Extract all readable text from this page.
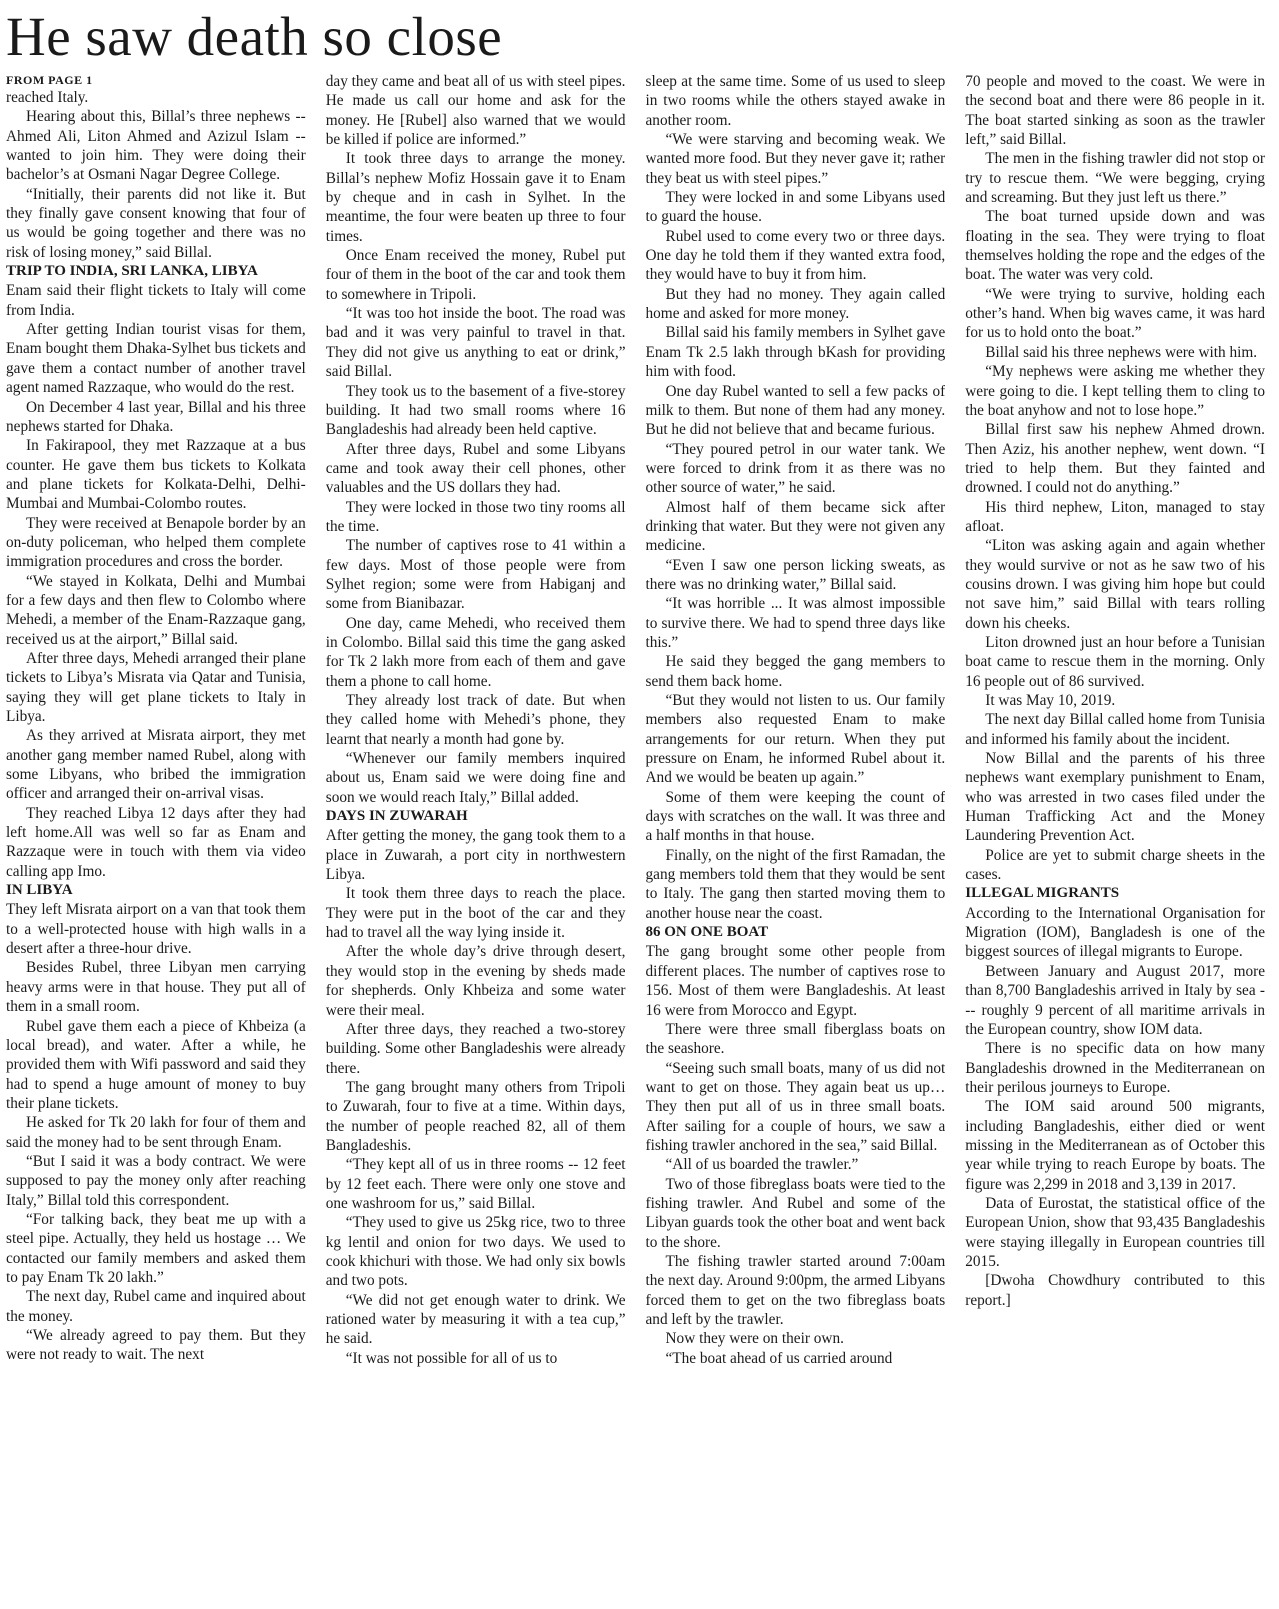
He saw death so close
FROM PAGE 1

reached Italy.

Hearing about this, Billal’s three nephews -- Ahmed Ali, Liton Ahmed and Azizul Islam -- wanted to join him. They were doing their bachelor’s at Osmani Nagar Degree College.

“Initially, their parents did not like it. But they finally gave consent knowing that four of us would be going together and there was no risk of losing money,” said Billal.

TRIP TO INDIA, SRI LANKA, LIBYA

Enam said their flight tickets to Italy will come from India.

After getting Indian tourist visas for them, Enam bought them Dhaka-Sylhet bus tickets and gave them a contact number of another travel agent named Razzaque, who would do the rest.

On December 4 last year, Billal and his three nephews started for Dhaka.

In Fakirapool, they met Razzaque at a bus counter. He gave them bus tickets to Kolkata and plane tickets for Kolkata-Delhi, Delhi-Mumbai and Mumbai-Colombo routes.

They were received at Benapole border by an on-duty policeman, who helped them complete immigration procedures and cross the border.

“We stayed in Kolkata, Delhi and Mumbai for a few days and then flew to Colombo where Mehedi, a member of the Enam-Razzaque gang, received us at the airport,” Billal said.

After three days, Mehedi arranged their plane tickets to Libya’s Misrata via Qatar and Tunisia, saying they will get plane tickets to Italy in Libya.

As they arrived at Misrata airport, they met another gang member named Rubel, along with some Libyans, who bribed the immigration officer and arranged their on-arrival visas.

They reached Libya 12 days after they had left home.All was well so far as Enam and Razzaque were in touch with them via video calling app Imo.

IN LIBYA

They left Misrata airport on a van that took them to a well-protected house with high walls in a desert after a three-hour drive.

Besides Rubel, three Libyan men carrying heavy arms were in that house. They put all of them in a small room.

Rubel gave them each a piece of Khbeiza (a local bread), and water. After a while, he provided them with Wifi password and said they had to spend a huge amount of money to buy their plane tickets.

He asked for Tk 20 lakh for four of them and said the money had to be sent through Enam.

“But I said it was a body contract. We were supposed to pay the money only after reaching Italy,” Billal told this correspondent.

“For talking back, they beat me up with a steel pipe. Actually, they held us hostage … We contacted our family members and asked them to pay Enam Tk 20 lakh.”

The next day, Rubel came and inquired about the money.

“We already agreed to pay them. But they were not ready to wait. The next

day they came and beat all of us with steel pipes. He made us call our home and ask for the money. He [Rubel] also warned that we would be killed if police are informed.”

It took three days to arrange the money. Billal’s nephew Mofiz Hossain gave it to Enam by cheque and in cash in Sylhet. In the meantime, the four were beaten up three to four times.

Once Enam received the money, Rubel put four of them in the boot of the car and took them to somewhere in Tripoli.

“It was too hot inside the boot. The road was bad and it was very painful to travel in that. They did not give us anything to eat or drink,” said Billal.

They took us to the basement of a five-storey building. It had two small rooms where 16 Bangladeshis had already been held captive.

After three days, Rubel and some Libyans came and took away their cell phones, other valuables and the US dollars they had.

They were locked in those two tiny rooms all the time.

The number of captives rose to 41 within a few days. Most of those people were from Sylhet region; some were from Habiganj and some from Bianibazar.

One day, came Mehedi, who received them in Colombo. Billal said this time the gang asked for Tk 2 lakh more from each of them and gave them a phone to call home.

They already lost track of date. But when they called home with Mehedi’s phone, they learnt that nearly a month had gone by.

“Whenever our family members inquired about us, Enam said we were doing fine and soon we would reach Italy,” Billal added.

DAYS IN ZUWARAH

After getting the money, the gang took them to a place in Zuwarah, a port city in northwestern Libya.

It took them three days to reach the place. They were put in the boot of the car and they had to travel all the way lying inside it.

After the whole day’s drive through desert, they would stop in the evening by sheds made for shepherds. Only Khbeiza and some water were their meal.

After three days, they reached a two-storey building. Some other Bangladeshis were already there.

The gang brought many others from Tripoli to Zuwarah, four to five at a time. Within days, the number of people reached 82, all of them Bangladeshis.

“They kept all of us in three rooms -- 12 feet by 12 feet each. There were only one stove and one washroom for us,” said Billal.

“They used to give us 25kg rice, two to three kg lentil and onion for two days. We used to cook khichuri with those. We had only six bowls and two pots.

“We did not get enough water to drink. We rationed water by measuring it with a tea cup,” he said.

“It was not possible for all of us to

sleep at the same time. Some of us used to sleep in two rooms while the others stayed awake in another room.

“We were starving and becoming weak. We wanted more food. But they never gave it; rather they beat us with steel pipes.”

They were locked in and some Libyans used to guard the house.

Rubel used to come every two or three days. One day he told them if they wanted extra food, they would have to buy it from him.

But they had no money. They again called home and asked for more money.

Billal said his family members in Sylhet gave Enam Tk 2.5 lakh through bKash for providing him with food.

One day Rubel wanted to sell a few packs of milk to them. But none of them had any money. But he did not believe that and became furious.

“They poured petrol in our water tank. We were forced to drink from it as there was no other source of water,” he said.

Almost half of them became sick after drinking that water. But they were not given any medicine.

“Even I saw one person licking sweats, as there was no drinking water,” Billal said.

“It was horrible ... It was almost impossible to survive there. We had to spend three days like this.”

He said they begged the gang members to send them back home.

“But they would not listen to us. Our family members also requested Enam to make arrangements for our return. When they put pressure on Enam, he informed Rubel about it. And we would be beaten up again.”

Some of them were keeping the count of days with scratches on the wall. It was three and a half months in that house.

Finally, on the night of the first Ramadan, the gang members told them that they would be sent to Italy. The gang then started moving them to another house near the coast.

86 ON ONE BOAT

The gang brought some other people from different places. The number of captives rose to 156. Most of them were Bangladeshis. At least 16 were from Morocco and Egypt.

There were three small fiberglass boats on the seashore.

“Seeing such small boats, many of us did not want to get on those. They again beat us up… They then put all of us in three small boats. After sailing for a couple of hours, we saw a fishing trawler anchored in the sea,” said Billal.

“All of us boarded the trawler.”

Two of those fibreglass boats were tied to the fishing trawler. And Rubel and some of the Libyan guards took the other boat and went back to the shore.

The fishing trawler started around 7:00am the next day. Around 9:00pm, the armed Libyans forced them to get on the two fibreglass boats and left by the trawler.

Now they were on their own.

“The boat ahead of us carried around

70 people and moved to the coast. We were in the second boat and there were 86 people in it. The boat started sinking as soon as the trawler left,” said Billal.

The men in the fishing trawler did not stop or try to rescue them. “We were begging, crying and screaming. But they just left us there.”

The boat turned upside down and was floating in the sea. They were trying to float themselves holding the rope and the edges of the boat. The water was very cold.

“We were trying to survive, holding each other’s hand. When big waves came, it was hard for us to hold onto the boat.”

Billal said his three nephews were with him.

“My nephews were asking me whether they were going to die. I kept telling them to cling to the boat anyhow and not to lose hope.”

Billal first saw his nephew Ahmed drown. Then Aziz, his another nephew, went down. “I tried to help them. But they fainted and drowned. I could not do anything.”

His third nephew, Liton, managed to stay afloat.

“Liton was asking again and again whether they would survive or not as he saw two of his cousins drown. I was giving him hope but could not save him,” said Billal with tears rolling down his cheeks.

Liton drowned just an hour before a Tunisian boat came to rescue them in the morning. Only 16 people out of 86 survived.

It was May 10, 2019.

The next day Billal called home from Tunisia and informed his family about the incident.

Now Billal and the parents of his three nephews want exemplary punishment to Enam, who was arrested in two cases filed under the Human Trafficking Act and the Money Laundering Prevention Act.

Police are yet to submit charge sheets in the cases.

ILLEGAL MIGRANTS

According to the International Organisation for Migration (IOM), Bangladesh is one of the biggest sources of illegal migrants to Europe.

Between January and August 2017, more than 8,700 Bangladeshis arrived in Italy by sea --- roughly 9 percent of all maritime arrivals in the European country, show IOM data.

There is no specific data on how many Bangladeshis drowned in the Mediterranean on their perilous journeys to Europe.

The IOM said around 500 migrants, including Bangladeshis, either died or went missing in the Mediterranean as of October this year while trying to reach Europe by boats. The figure was 2,299 in 2018 and 3,139 in 2017.

Data of Eurostat, the statistical office of the European Union, show that 93,435 Bangladeshis were staying illegally in European countries till 2015.

[Dwoha Chowdhury contributed to this report.]
